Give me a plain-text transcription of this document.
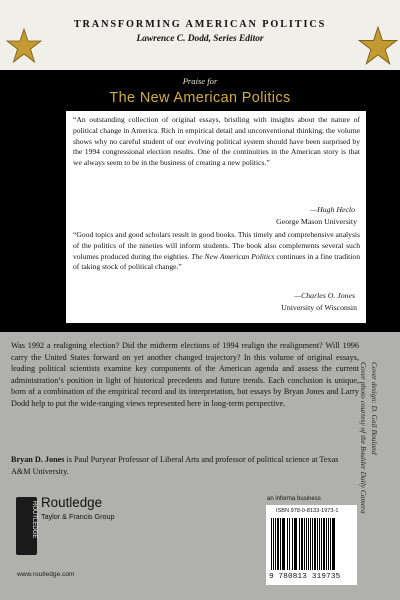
TRANSFORMING AMERICAN POLITICS
Lawrence C. Dodd, Series Editor
Praise for
The New American Politics

“An outstanding collection of original essays, bristling with insights about the nature of political change in America. Rich in empirical detail and unconventional thinking, the volume shows why no careful student of our evolving political system should have been surprised by the 1994 congressional election results. One of the continuities in the American story is that we always seem to be in the business of creating a new politics.”

—Hugh Heclo
George Mason University

“Good topics and good scholars result in good books. This timely and comprehensive analysis of the politics of the nineties will inform students. The book also complements several such volumes produced during the eighties. The New American Politics continues in a fine tradition of taking stock of political change.”

—Charles O. Jones
University of Wisconsin

Was 1992 a realigning election? Did the midterm elections of 1994 realign the realignment? Will 1996 carry the United States forward on yet another changed trajectory? In this volume of original essays, leading political scientists examine key components of the American agenda and assess the current administration’s position in light of historical precedents and future trends. Each conclusion is unique, born of a combination of the empirical record and its interpretation, but essays by Bryan Jones and Larry Dodd help to put the wide-ranging views represented here in long-term perspective.

Bryan D. Jones is Paul Puryear Professor of Liberal Arts and professor of political science at Texas A&M University.

Cover design: D. Gail Bouland
Cover photo courtesy of the Boulder Daily Camera
ROUTLEDGE Routledge
Taylor & Francis Group
www.routledge.com
an informa business
ISBN 978-0-8133-1973-1
9 780813 319735
